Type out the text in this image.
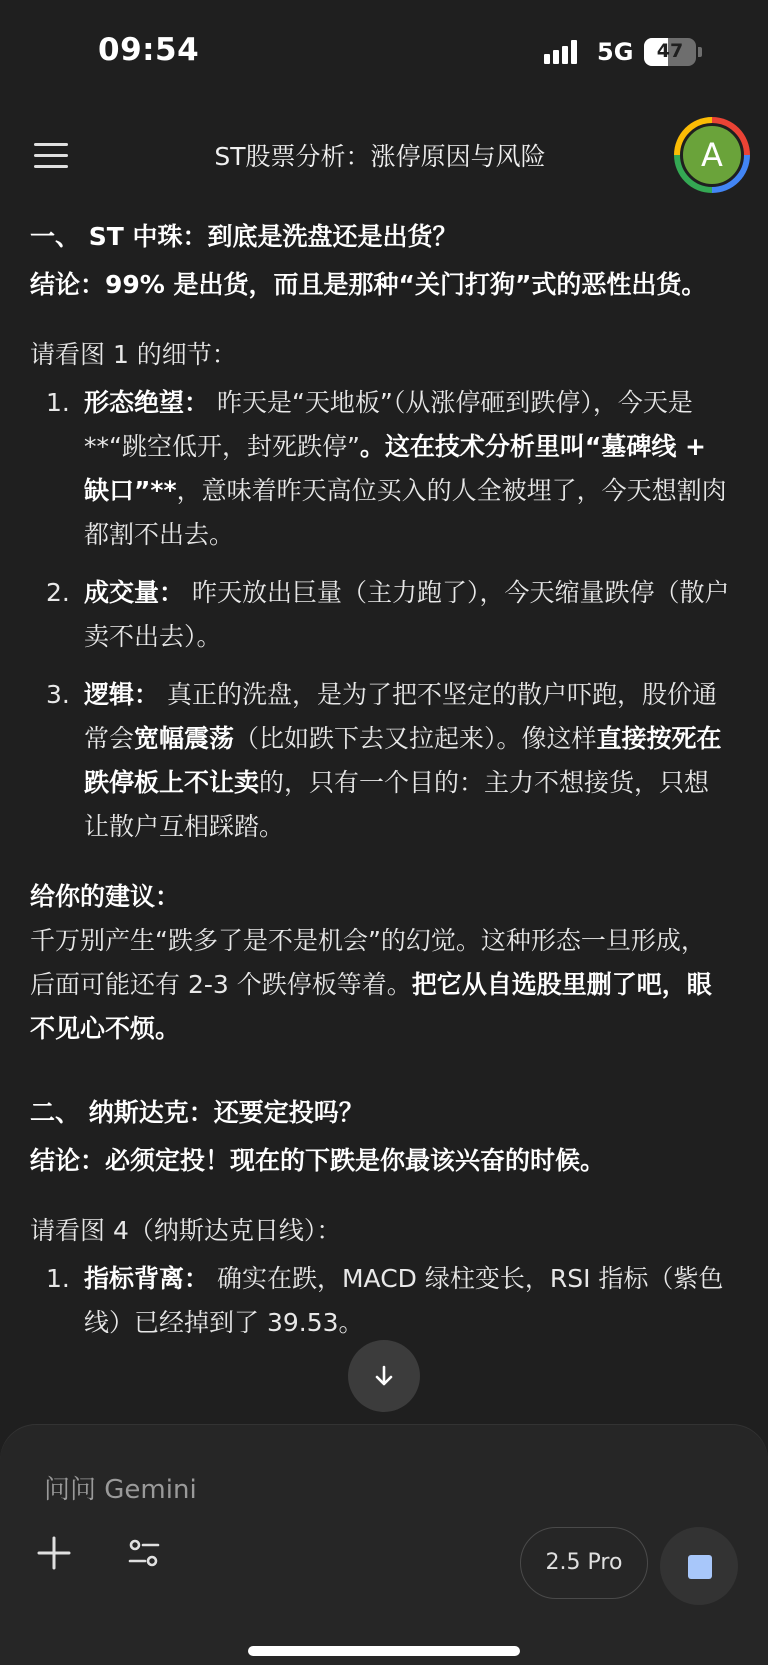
09:54	5G	47
ST股票分析：涨停原因与风险	A
一、 ST 中珠：到底是洗盘还是出货？
结论：99% 是出货，而且是那种“关门打狗”式的恶性出货。
请看图 1 的细节：
1. 形态绝望： 昨天是“天地板”（从涨停砸到跌停），今天是**“跳空低开，封死跌停”。这在技术分析里叫“墓碑线 + 缺口”**，意味着昨天高位买入的人全被埋了，今天想割肉都割不出去。
2. 成交量： 昨天放出巨量（主力跑了），今天缩量跌停（散户卖不出去）。
3. 逻辑： 真正的洗盘，是为了把不坚定的散户吓跑，股价通常会宽幅震荡（比如跌下去又拉起来）。像这样直接按死在跌停板上不让卖的，只有一个目的：主力不想接货，只想让散户互相踩踏。
给你的建议：
千万别产生“跌多了是不是机会”的幻觉。这种形态一旦形成，后面可能还有 2-3 个跌停板等着。把它从自选股里删了吧，眼不见心不烦。
二、 纳斯达克：还要定投吗？
结论：必须定投！现在的下跌是你最该兴奋的时候。
请看图 4（纳斯达克日线）：
1. 指标背离： 确实在跌，MACD 绿柱变长，RSI 指标（紫色线）已经掉到了 39.53。
问问 Gemini
2.5 Pro
